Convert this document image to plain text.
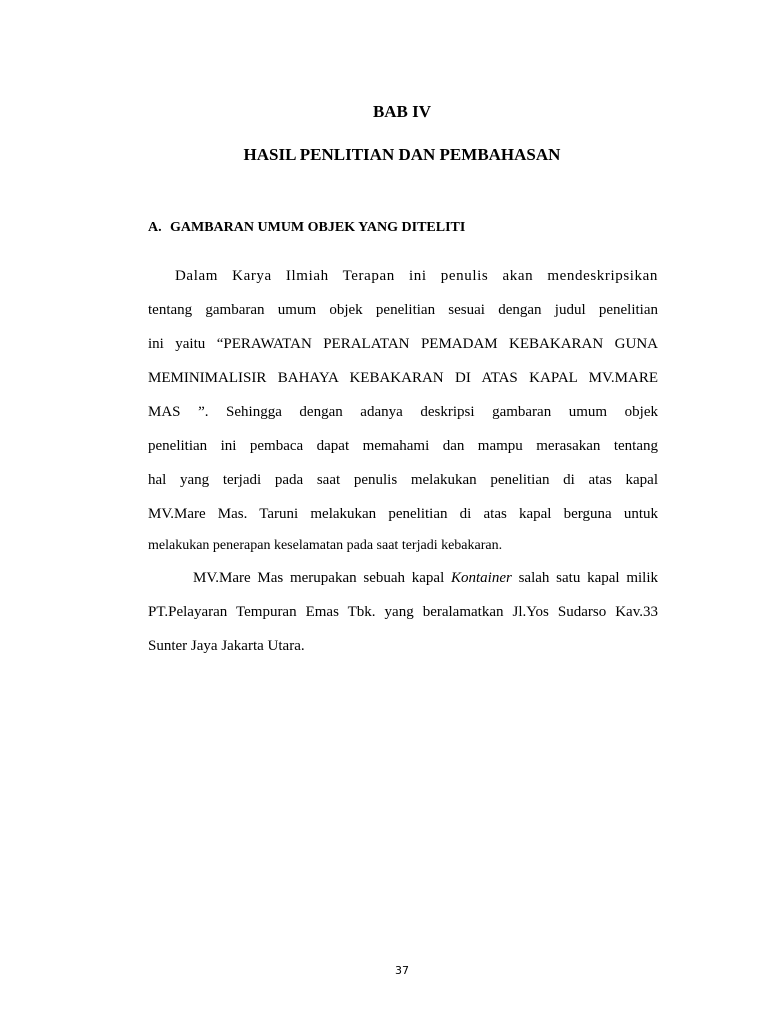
BAB IV
HASIL PENLITIAN DAN PEMBAHASAN
A. GAMBARAN UMUM OBJEK YANG DITELITI

Dalam Karya Ilmiah Terapan ini penulis akan mendeskripsikan

tentang gambaran umum objek penelitian sesuai dengan judul penelitian

ini yaitu “PERAWATAN PERALATAN PEMADAM KEBAKARAN GUNA

MEMINIMALISIR BAHAYA KEBAKARAN DI ATAS KAPAL MV.MARE

MAS ”. Sehingga dengan adanya deskripsi gambaran umum objek

penelitian ini pembaca dapat memahami dan mampu merasakan tentang

hal yang terjadi pada saat penulis melakukan penelitian di atas kapal

MV.Mare Mas. Taruni melakukan penelitian di atas kapal berguna untuk

melakukan penerapan keselamatan pada saat terjadi kebakaran.

MV.Mare Mas merupakan sebuah kapal Kontainer salah satu kapal milik

PT.Pelayaran Tempuran Emas Tbk. yang beralamatkan Jl.Yos Sudarso Kav.33

Sunter Jaya Jakarta Utara.

37
